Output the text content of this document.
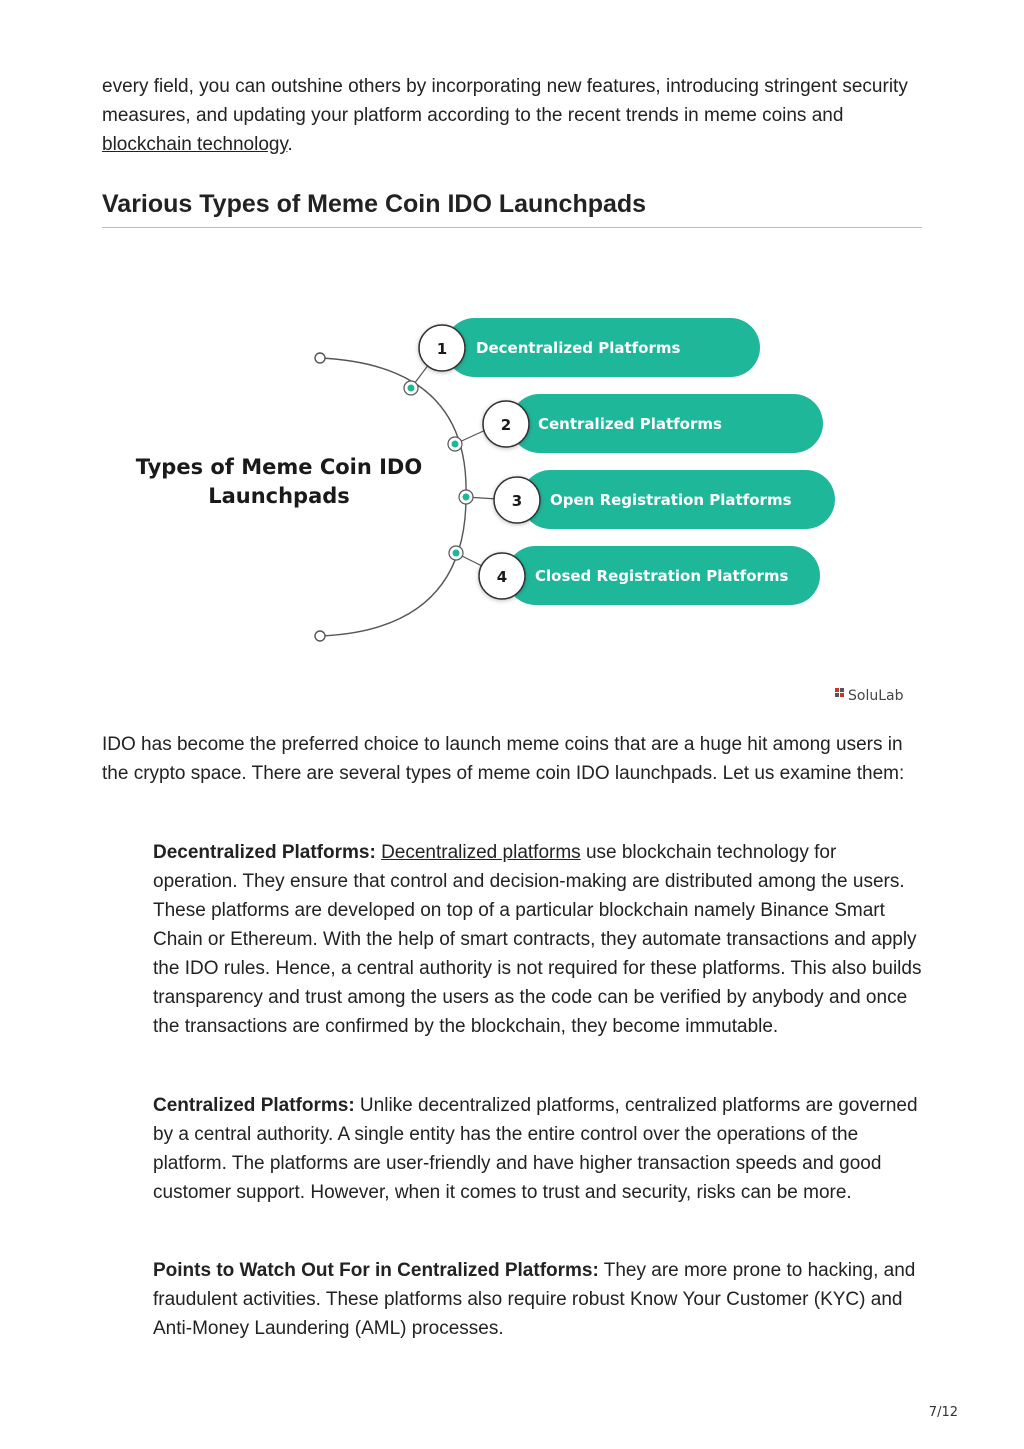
every field, you can outshine others by incorporating new features, introducing stringent security measures, and updating your platform according to the recent trends in meme coins and blockchain technology.

Various Types of Meme Coin IDO Launchpads
Types of Meme Coin IDO
Launchpads
1 Decentralized Platforms
2 Centralized Platforms
3 Open Registration Platforms
4 Closed Registration Platforms
SoluLab

IDO has become the preferred choice to launch meme coins that are a huge hit among users in the crypto space. There are several types of meme coin IDO launchpads. Let us examine them:

Decentralized Platforms: Decentralized platforms use blockchain technology for operation. They ensure that control and decision-making are distributed among the users. These platforms are developed on top of a particular blockchain namely Binance Smart Chain or Ethereum. With the help of smart contracts, they automate transactions and apply the IDO rules. Hence, a central authority is not required for these platforms. This also builds transparency and trust among the users as the code can be verified by anybody and once the transactions are confirmed by the blockchain, they become immutable.

Centralized Platforms: Unlike decentralized platforms, centralized platforms are governed by a central authority. A single entity has the entire control over the operations of the platform. The platforms are user-friendly and have higher transaction speeds and good customer support. However, when it comes to trust and security, risks can be more.

Points to Watch Out For in Centralized Platforms: They are more prone to hacking, and fraudulent activities. These platforms also require robust Know Your Customer (KYC) and Anti-Money Laundering (AML) processes.

7/12
